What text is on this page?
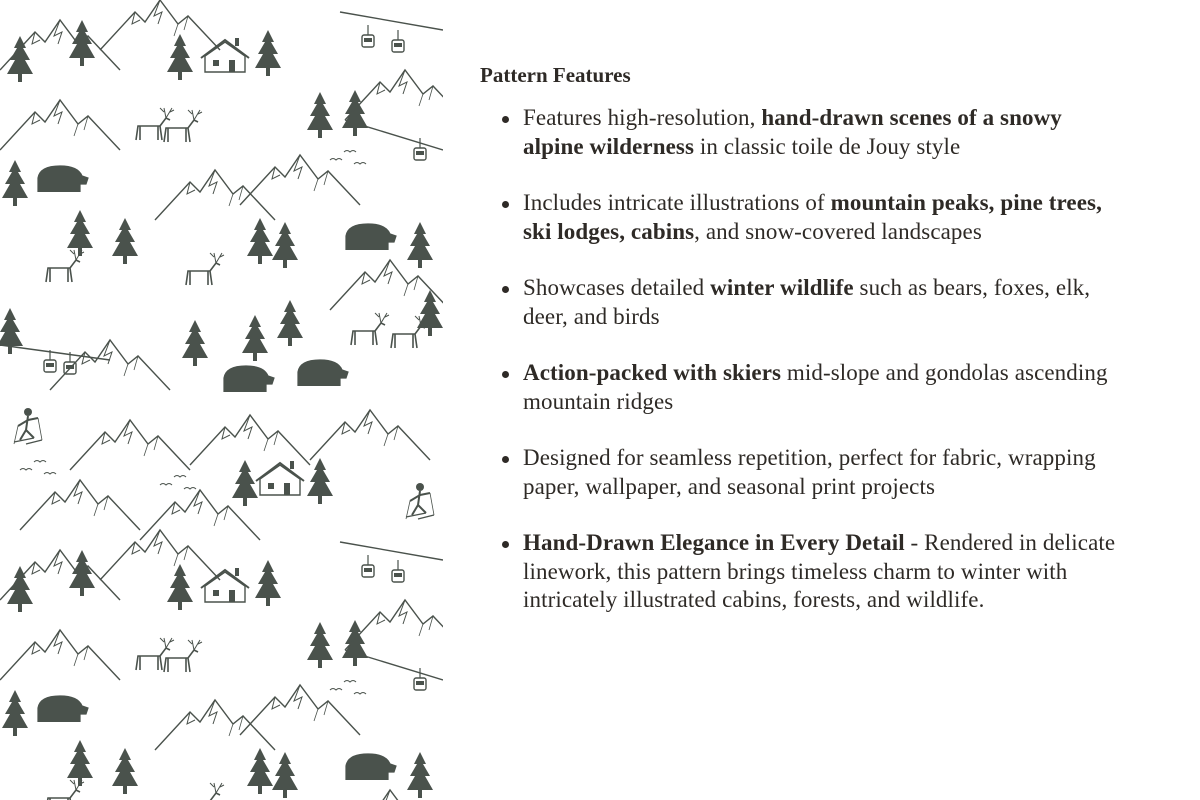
Pattern Features
Features high-resolution, hand-drawn scenes of a snowy alpine wilderness in classic toile de Jouy style
Includes intricate illustrations of mountain peaks, pine trees, ski lodges, cabins, and snow-covered landscapes
Showcases detailed winter wildlife such as bears, foxes, elk, deer, and birds
Action-packed with skiers mid-slope and gondolas ascending mountain ridges
Designed for seamless repetition, perfect for fabric, wrapping paper, wallpaper, and seasonal print projects
Hand-Drawn Elegance in Every Detail - Rendered in delicate linework, this pattern brings timeless charm to winter with intricately illustrated cabins, forests, and wildlife.
